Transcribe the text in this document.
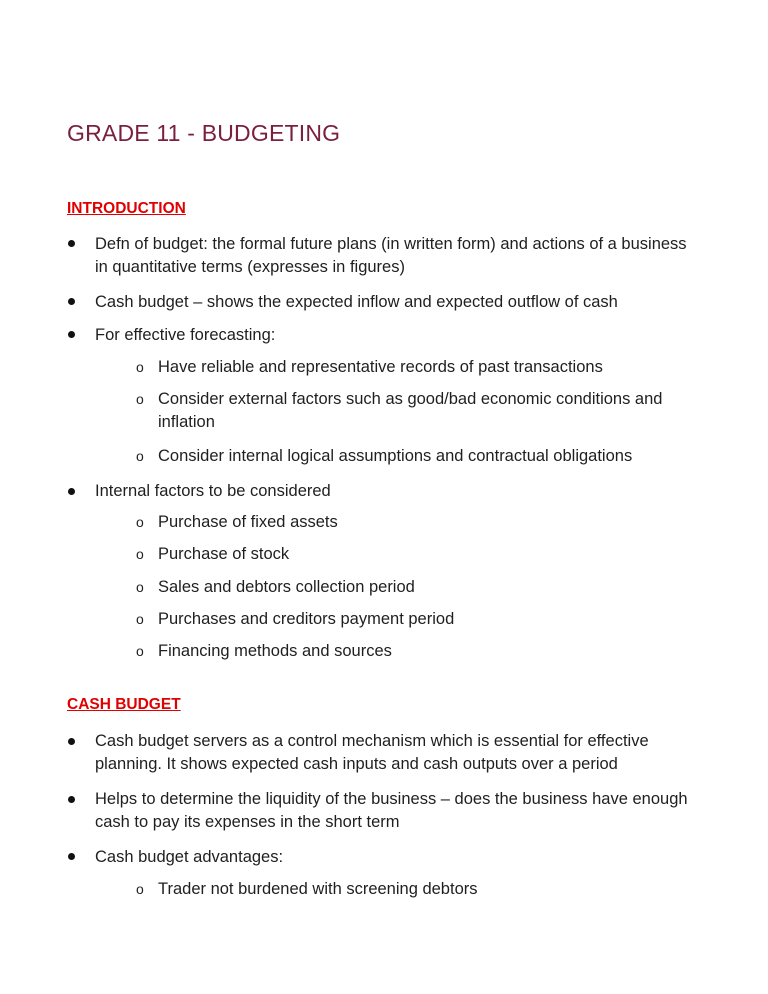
GRADE 11 - BUDGETING
INTRODUCTION
Defn of budget: the formal future plans (in written form) and actions of a business in quantitative terms (expresses in figures)
Cash budget – shows the expected inflow and expected outflow of cash
For effective forecasting:
o Have reliable and representative records of past transactions
o Consider external factors such as good/bad economic conditions and inflation
o Consider internal logical assumptions and contractual obligations
Internal factors to be considered
o Purchase of fixed assets
o Purchase of stock
o Sales and debtors collection period
o Purchases and creditors payment period
o Financing methods and sources
CASH BUDGET
Cash budget servers as a control mechanism which is essential for effective planning. It shows expected cash inputs and cash outputs over a period
Helps to determine the liquidity of the business – does the business have enough cash to pay its expenses in the short term
Cash budget advantages:
o Trader not burdened with screening debtors
